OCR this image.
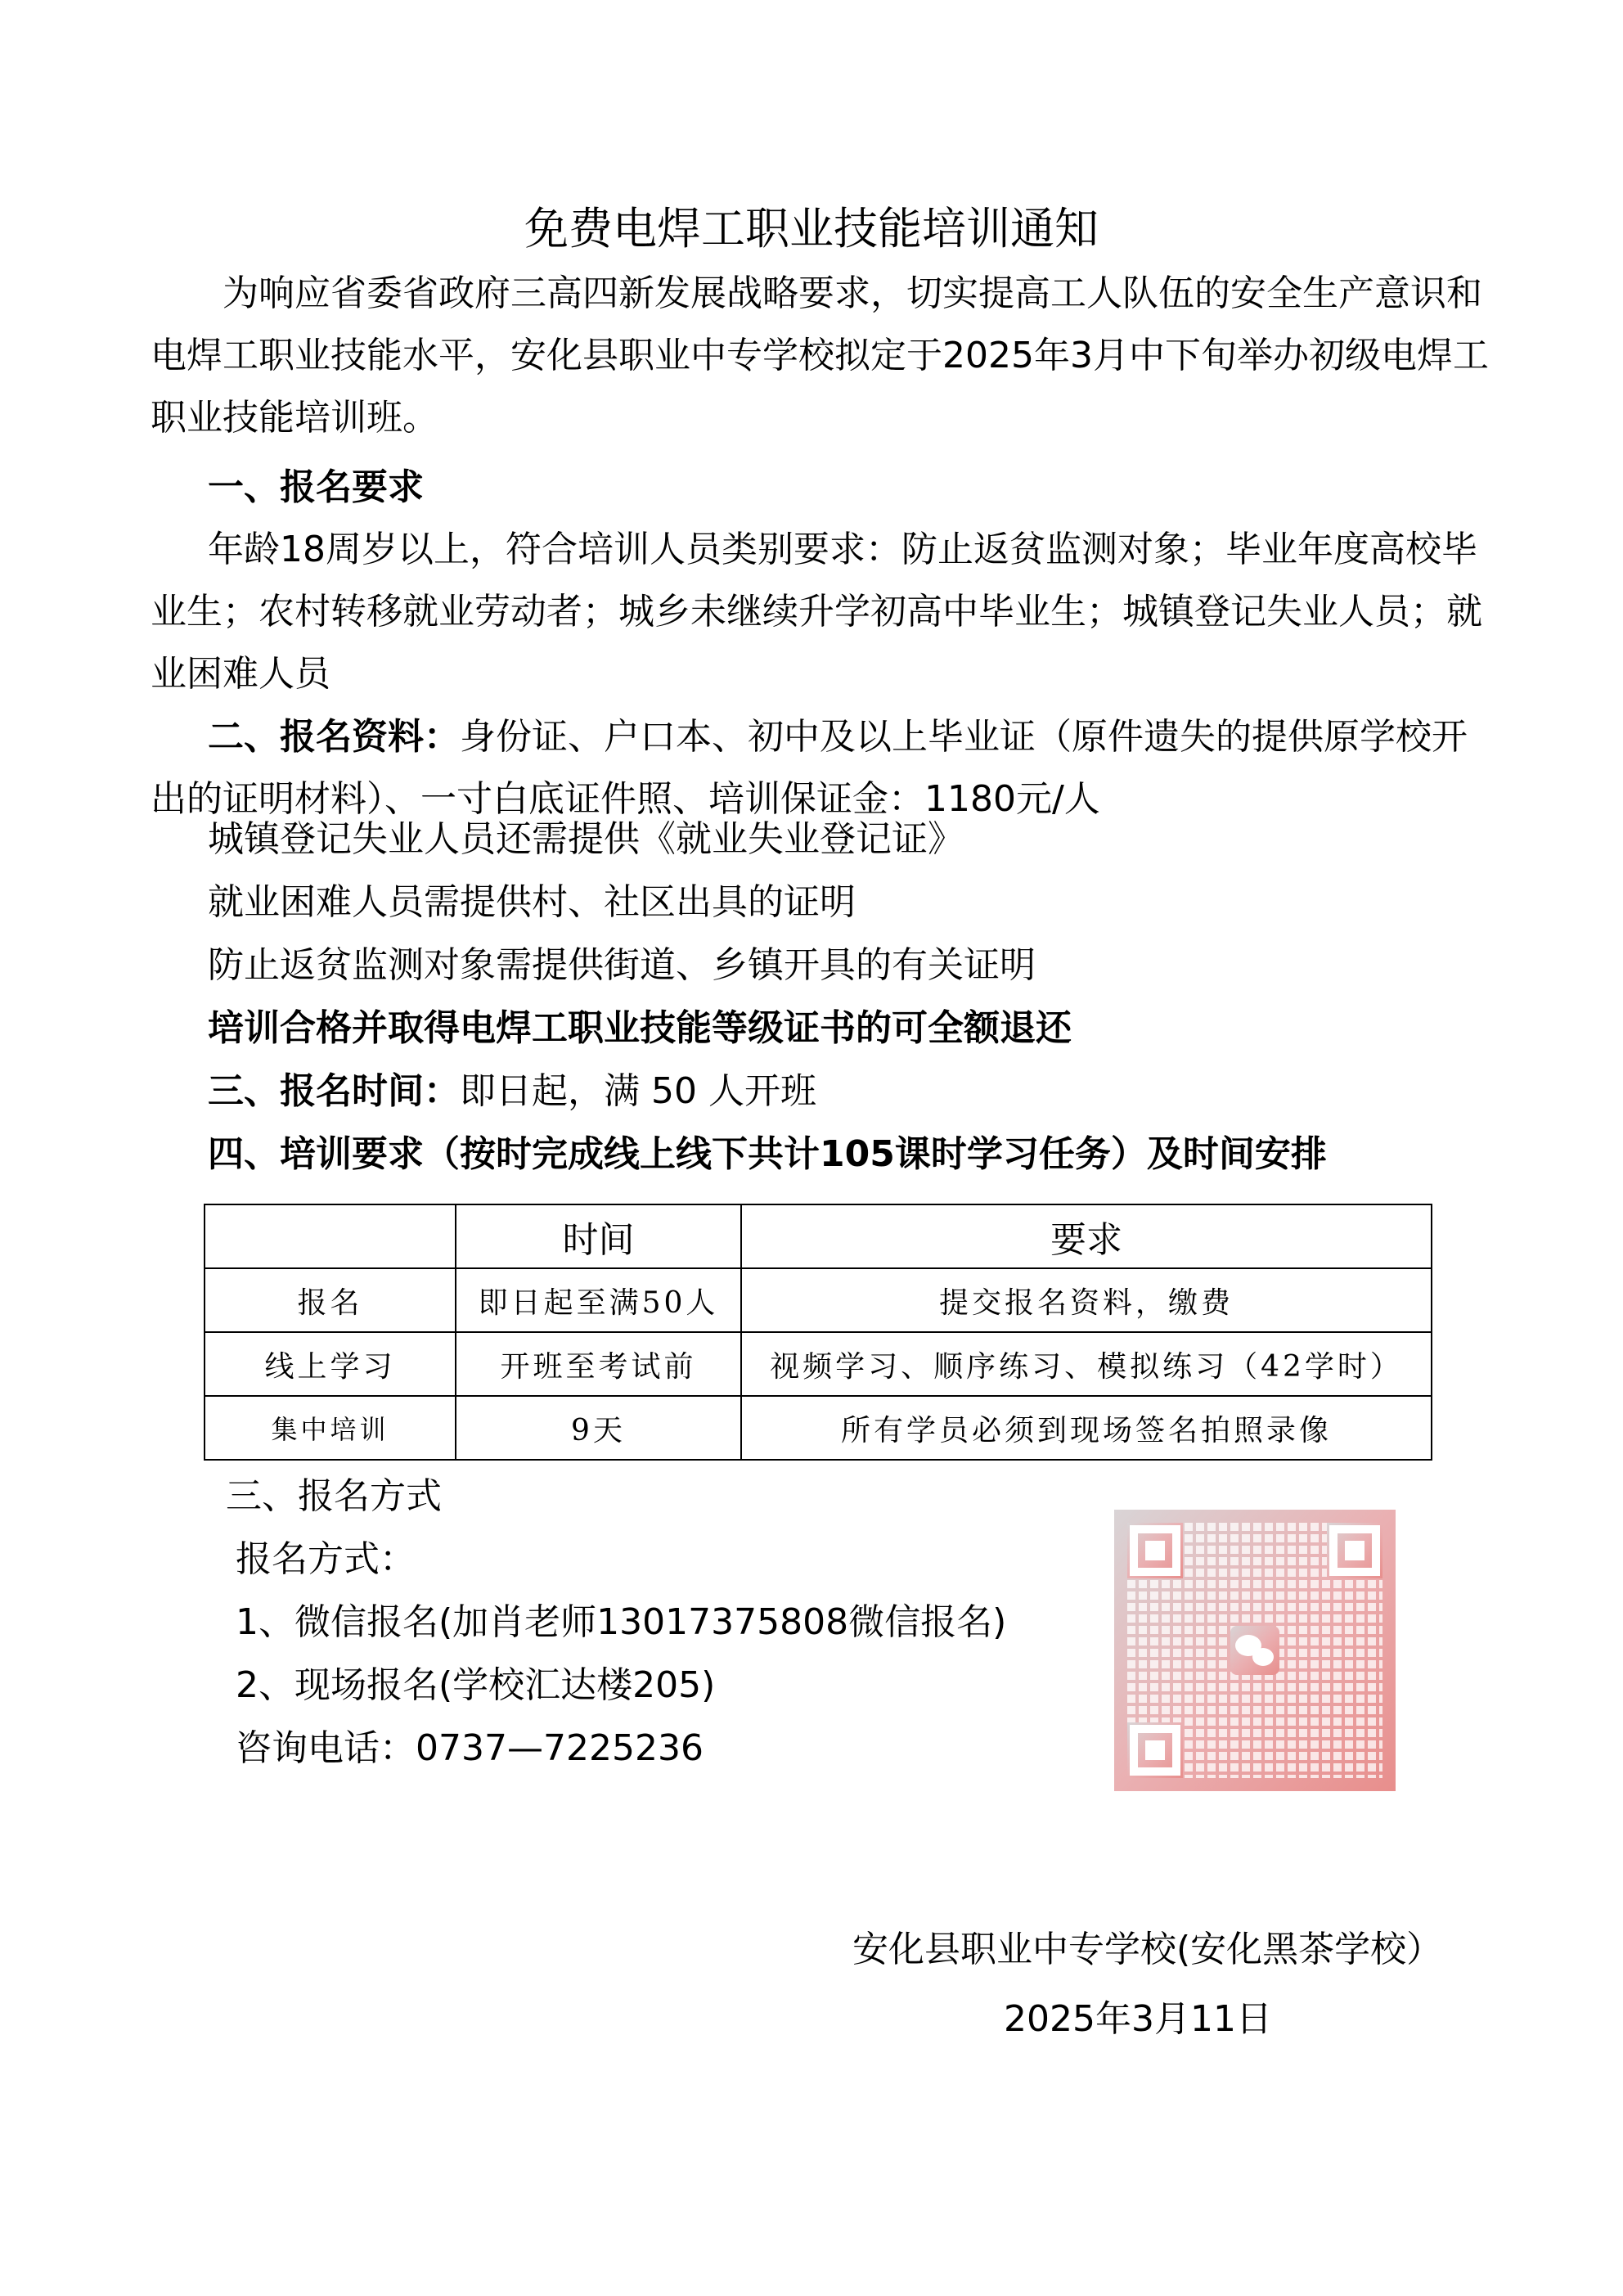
免费电焊工职业技能培训通知
为响应省委省政府三高四新发展战略要求，切实提高工人队伍的安全生产意识和电焊工职业技能水平，安化县职业中专学校拟定于2025年3月中下旬举办初级电焊工职业技能培训班。
一、报名要求
年龄18周岁以上，符合培训人员类别要求：防止返贫监测对象；毕业年度高校毕业生；农村转移就业劳动者；城乡未继续升学初高中毕业生；城镇登记失业人员；就业困难人员
二、报名资料：身份证、户口本、初中及以上毕业证（原件遗失的提供原学校开出的证明材料）、一寸白底证件照、培训保证金：1180元/人
城镇登记失业人员还需提供《就业失业登记证》
就业困难人员需提供村、社区出具的证明
防止返贫监测对象需提供街道、乡镇开具的有关证明
培训合格并取得电焊工职业技能等级证书的可全额退还
三、报名时间：即日起，满 50 人开班
四、培训要求（按时完成线上线下共计105课时学习任务）及时间安排
	时间	要求
报名	即日起至满50人	提交报名资料，缴费
线上学习	开班至考试前	视频学习、顺序练习、模拟练习（42学时）
集中培训	9天	所有学员必须到现场签名拍照录像
三、报名方式
报名方式：
1、微信报名(加肖老师13017375808微信报名)
2、现场报名(学校汇达楼205)
咨询电话：0737—7225236
安化县职业中专学校(安化黑茶学校）
2025年3月11日
